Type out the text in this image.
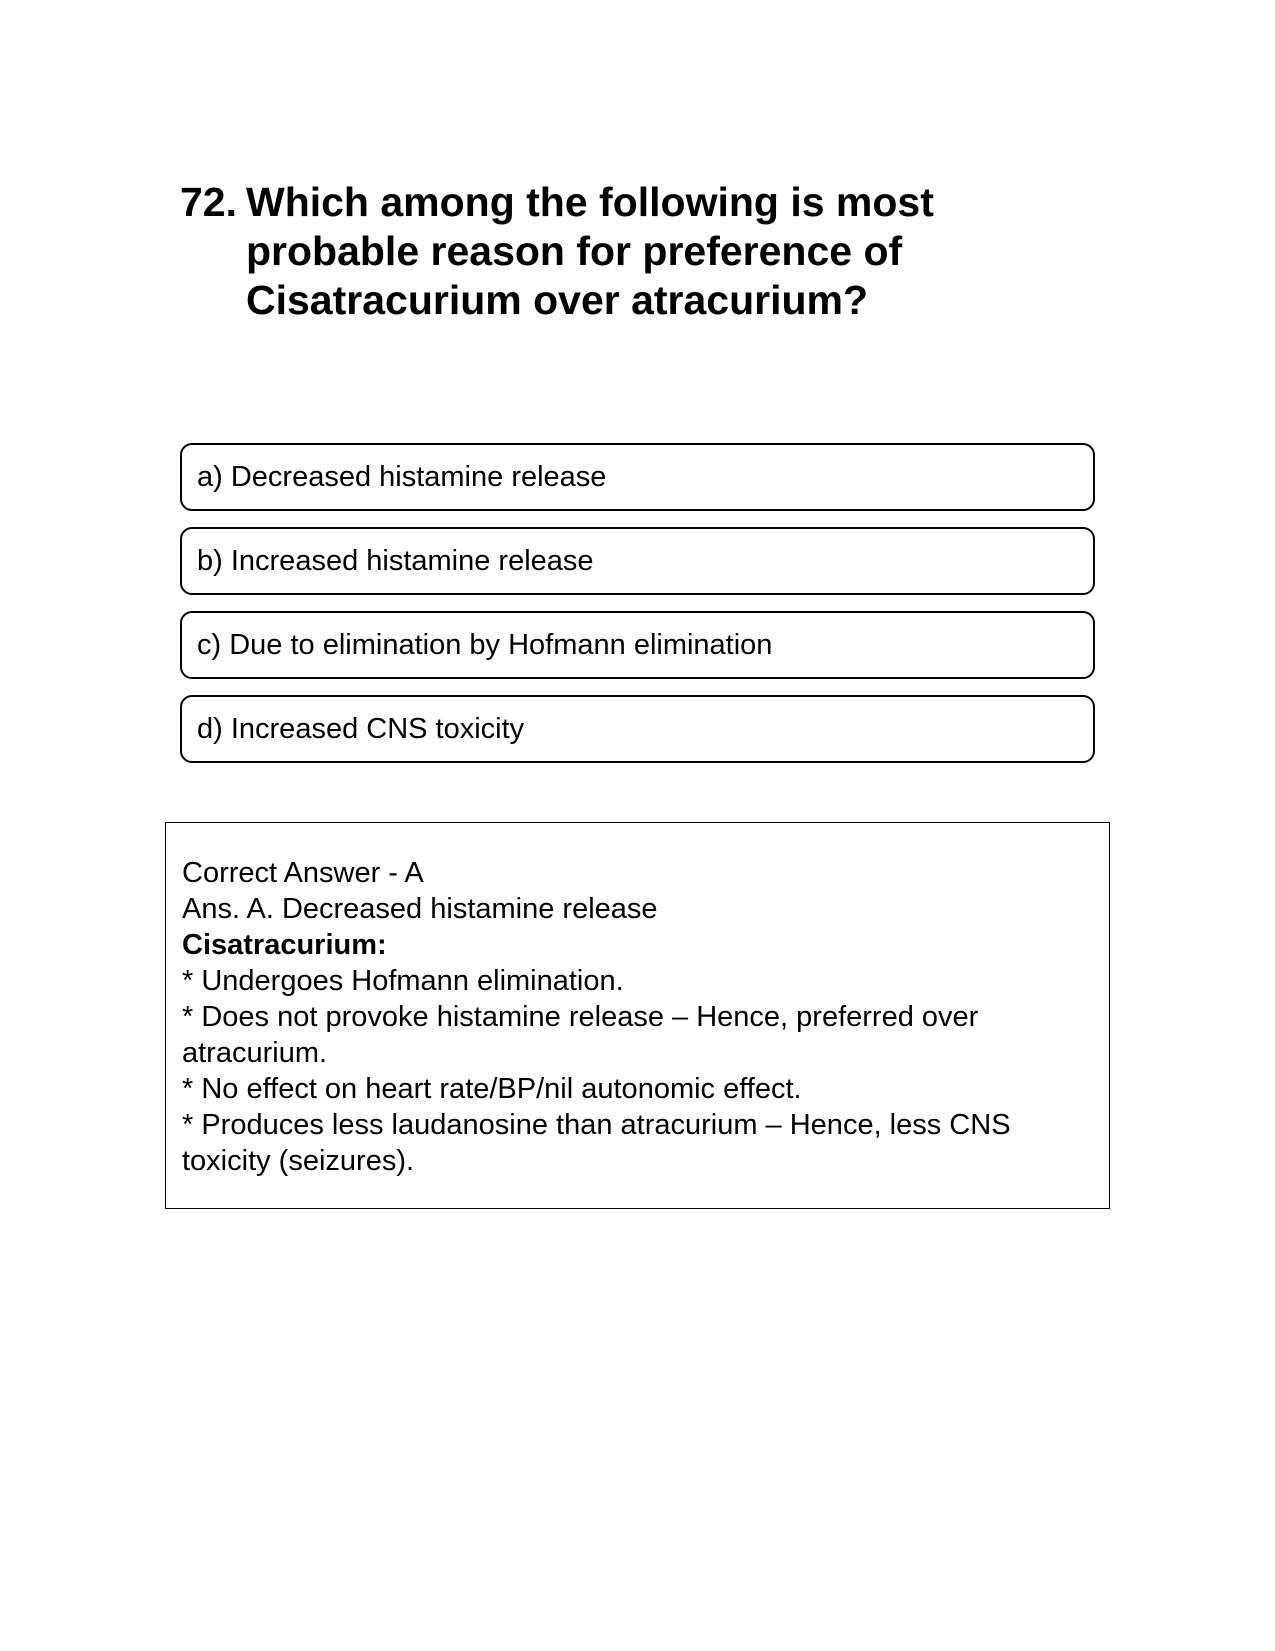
72. Which among the following is most probable reason for preference of Cisatracurium over atracurium?
a) Decreased histamine release
b) Increased histamine release
c) Due to elimination by Hofmann elimination
d) Increased CNS toxicity

Correct Answer - A

Ans. A. Decreased histamine release

Cisatracurium:

* Undergoes Hofmann elimination.

* Does not provoke histamine release – Hence, preferred over atracurium.

* No effect on heart rate/BP/nil autonomic effect.

* Produces less laudanosine than atracurium – Hence, less CNS toxicity (seizures).
